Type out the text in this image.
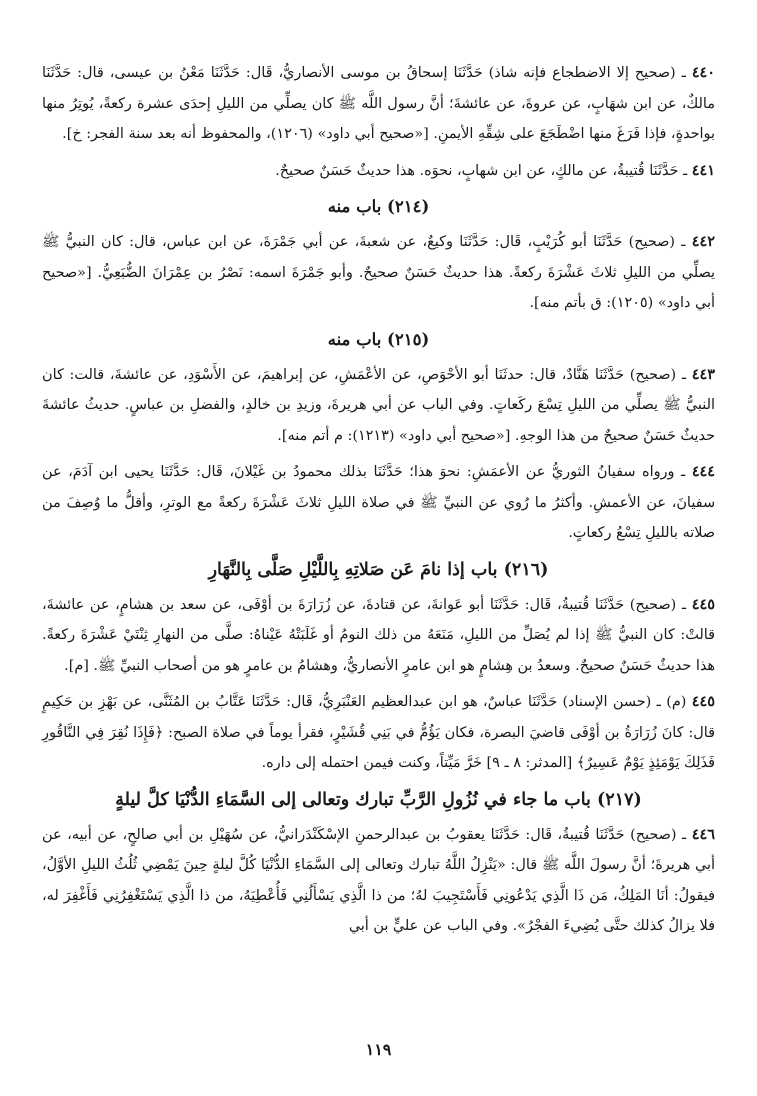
٤٤٠ ـ (صحيح إلا الاضطجاع فإنه شاذ) حَدَّثَنَا إسحاقُ بن موسى الأنصاريُّ، قَال: حَدَّثَنَا مَعْنُ بن عيسى، قال: حَدَّثَنَا مالكٌ، عن ابن شهَابٍ، عن عروةَ، عن عائشةَ؛ أنَّ رسول اللَّه ﷺ كان يصلِّي من الليلِ إحدَى عشرة ركعةً، يُوتِرُ منها بواحدةٍ، فإذا فَرَغَ منها اضْطَجَعَ على شِقِّهِ الأيمنِ. [«صحيح أبي داود» (١٢٠٦)، والمحفوظ أنه بعد سنة الفجر: خ].

٤٤١ ـ حَدَّثَنَا قُتيبةُ، عن مالكٍ، عن ابن شهابٍ، نحوَه. هذا حديثٌ حَسَنٌ صحيحٌ.

(٢١٤) باب منه

٤٤٢ ـ (صحيح) حَدَّثَنَا أبو كُرَيْبٍ، قَال: حَدَّثَنَا وكيعٌ، عن شعبةَ، عن أبي جَمْرَةَ، عن ابن عباس، قال: كان النبيُّ ﷺ يصلِّي من الليلِ ثلاثَ عَشْرَةَ ركعةً. هذا حديثٌ حَسَنٌ صحيحٌ. وأبو جَمْرَةَ اسمه: نَصْرُ بن عِمْرَانَ الضُّبَعِيُّ. [«صحيح أبي داود» (١٢٠٥): ق بأتم منه].

(٢١٥) باب منه

٤٤٣ ـ (صحيح) حَدَّثَنَا هَنَّادٌ، قال: حدثَنَا أبو الأحْوَصِ، عن الأعْمَشِ، عن إبراهيمَ، عن الأَسْوَدِ، عن عائشةَ، قالت: كان النبيُّ ﷺ يصلِّي من الليلِ تِسْعَ ركَعاتٍ. وفي الباب عن أبي هريرةَ، وزيدِ بن خالدٍ، والفضلِ بن عباسٍ. حديثُ عائشةَ حديثٌ حَسَنٌ صحيحٌ من هذا الوجهِ. [«صحيح أبي داود» (١٢١٣): م أتم منه].

٤٤٤ ـ ورواه سفيانُ الثوريُّ عن الأعمَشِ: نحوَ هذا؛ حَدَّثَنَا بذلك محمودُ بن غَيْلانَ، قَال: حَدَّثَنَا يحيى ابن آدَمَ، عن سفيانَ، عن الأعمشِ. وأكثرُ ما رُوي عن النبيِّ ﷺ في صلاة الليلِ ثلاثَ عَشْرَةَ ركعةً مع الوترِ، وأقلُّ ما وُصِفَ من صلاته بالليلِ تِسْعُ ركعاتٍ.

(٢١٦) باب إذا نامَ عَن صَلاتِهِ بِاللَّيْلِ صَلَّى بِالنَّهَارِ

٤٤٥ ـ (صحيح) حَدَّثَنَا قُتيبةُ، قَال: حَدَّثَنَا أبو عَوانةَ، عن قتادةَ، عن زُرَارَةَ بن أوْفَى، عن سعد بن هشامٍ، عن عائشةَ، قالتْ: كان النبيُّ ﷺ إذا لم يُصَلِّ من الليلِ، مَنَعَهُ من ذلك النومُ أو غَلَبَتْهُ عَيْناهُ: صلَّى من النهارِ ثِنْتَيْ عَشْرَةَ ركعةً. هذا حديثٌ حَسَنٌ صحيحٌ. وسعدُ بن هِشامٍ هو ابن عامرٍ الأنصاريُّ، وهشامُ بن عامرٍ هو من أصحاب النبيِّ ﷺ. [م].

٤٤٥ (م) ـ (حسن الإسناد) حَدَّثَنَا عباسٌ، هو ابن عبدالعظيم العَنْبَرِيُّ، قَال: حَدَّثَنَا عَتَّابُ بن المُثَنَّى، عن بَهْزِ بن حَكِيمٍ قال: كانَ زُرَارَةُ بن أوْفَى قاضيَ البصرة، فكان يَؤُمُّ في بَنِي قُشَيْرٍ، فقرأ يوماً في صلاة الصبح: ﴿فَإِذَا نُقِرَ فِي النَّاقُورِ فَذَلِكَ يَوْمَئِذٍ يَوْمٌ عَسِيرٌ﴾ [المدثر: ٨ ـ ٩] خَرَّ مَيِّتاً، وكنت فيمن احتمله إلى داره.

(٢١٧) باب ما جاء في نُزُولِ الرَّبِّ تبارك وتعالى إلى السَّمَاءِ الدُّنْيَا كلَّ ليلةٍ

٤٤٦ ـ (صحيح) حَدَّثَنَا قُتيبةُ، قَال: حَدَّثَنَا يعقوبُ بن عبدالرحمنِ الإسْكَنْدَرانيُّ، عن سُهَيْلِ بن أبي صالحٍ، عن أبيه، عن أبي هريرةَ؛ أنَّ رسولَ اللَّه ﷺ قال: «يَنْزِلُ اللَّهُ تبارك وتعالى إلى السَّمَاءِ الدُّنْيَا كُلَّ ليلةٍ حِينَ يَمْضِي ثُلُثُ الليلِ الأوَّلُ، فيقولُ: أنَا المَلِكُ، مَن ذَا الَّذِي يَدْعُونِي فَأَسْتَجِيبَ لهُ؛ من ذا الَّذِي يَسْأَلُنِي فَأُعْطِيَهُ، من ذا الَّذِي يَسْتَغْفِرُنِي فَأَغْفِرَ له، فلا يزالُ كذلك حتَّى يُضِيءَ الفجْرُ». وفي الباب عن عليٍّ بن أبي

١١٩
